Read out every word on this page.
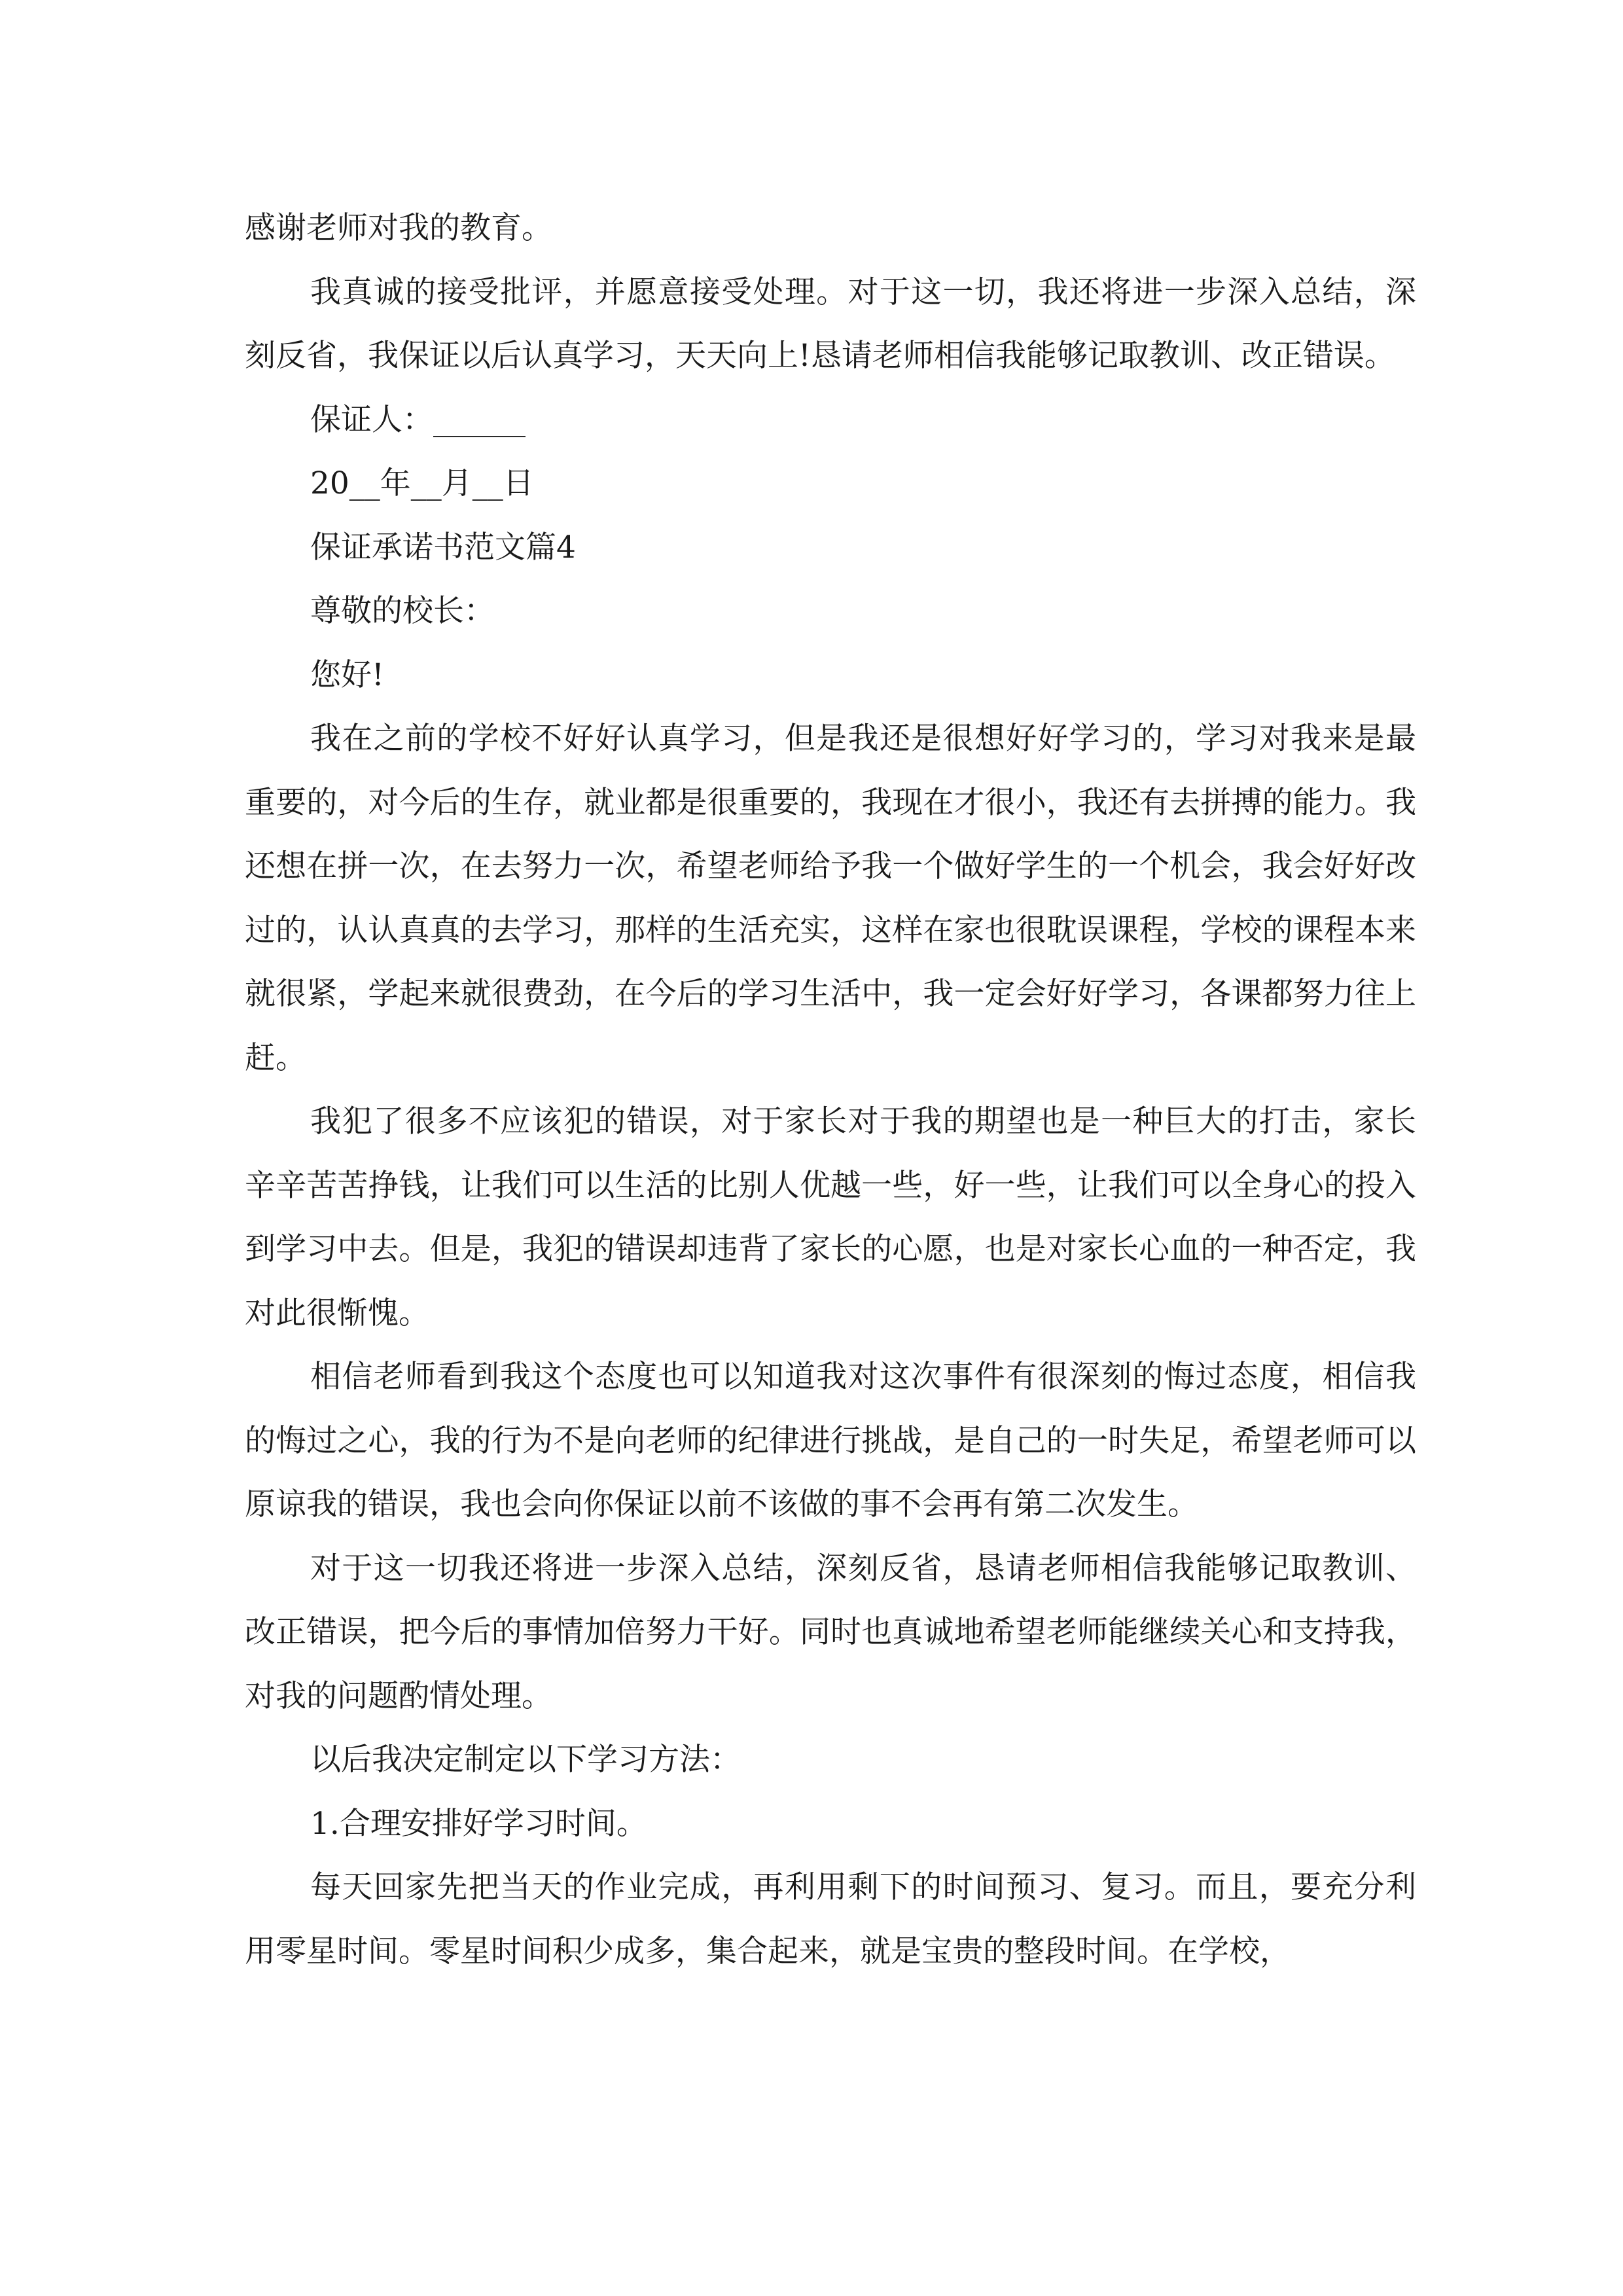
感谢老师对我的教育。

我真诚的接受批评，并愿意接受处理。对于这一切，我还将进一步深入总结，深刻反省，我保证以后认真学习，天天向上!恳请老师相信我能够记取教训、改正错误。

保证人：______

20__年__月__日

保证承诺书范文篇4

尊敬的校长：

您好!

我在之前的学校不好好认真学习，但是我还是很想好好学习的，学习对我来是最重要的，对今后的生存，就业都是很重要的，我现在才很小，我还有去拼搏的能力。我还想在拼一次，在去努力一次，希望老师给予我一个做好学生的一个机会，我会好好改过的，认认真真的去学习，那样的生活充实，这样在家也很耽误课程，学校的课程本来就很紧，学起来就很费劲，在今后的学习生活中，我一定会好好学习，各课都努力往上赶。

我犯了很多不应该犯的错误，对于家长对于我的期望也是一种巨大的打击，家长辛辛苦苦挣钱，让我们可以生活的比别人优越一些，好一些，让我们可以全身心的投入到学习中去。但是，我犯的错误却违背了家长的心愿，也是对家长心血的一种否定，我对此很惭愧。

相信老师看到我这个态度也可以知道我对这次事件有很深刻的悔过态度，相信我的悔过之心，我的行为不是向老师的纪律进行挑战，是自己的一时失足，希望老师可以原谅我的错误，我也会向你保证以前不该做的事不会再有第二次发生。

对于这一切我还将进一步深入总结，深刻反省，恳请老师相信我能够记取教训、改正错误，把今后的事情加倍努力干好。同时也真诚地希望老师能继续关心和支持我，对我的问题酌情处理。

以后我决定制定以下学习方法：

1.合理安排好学习时间。

每天回家先把当天的作业完成，再利用剩下的时间预习、复习。而且，要充分利用零星时间。零星时间积少成多，集合起来，就是宝贵的整段时间。在学校，
